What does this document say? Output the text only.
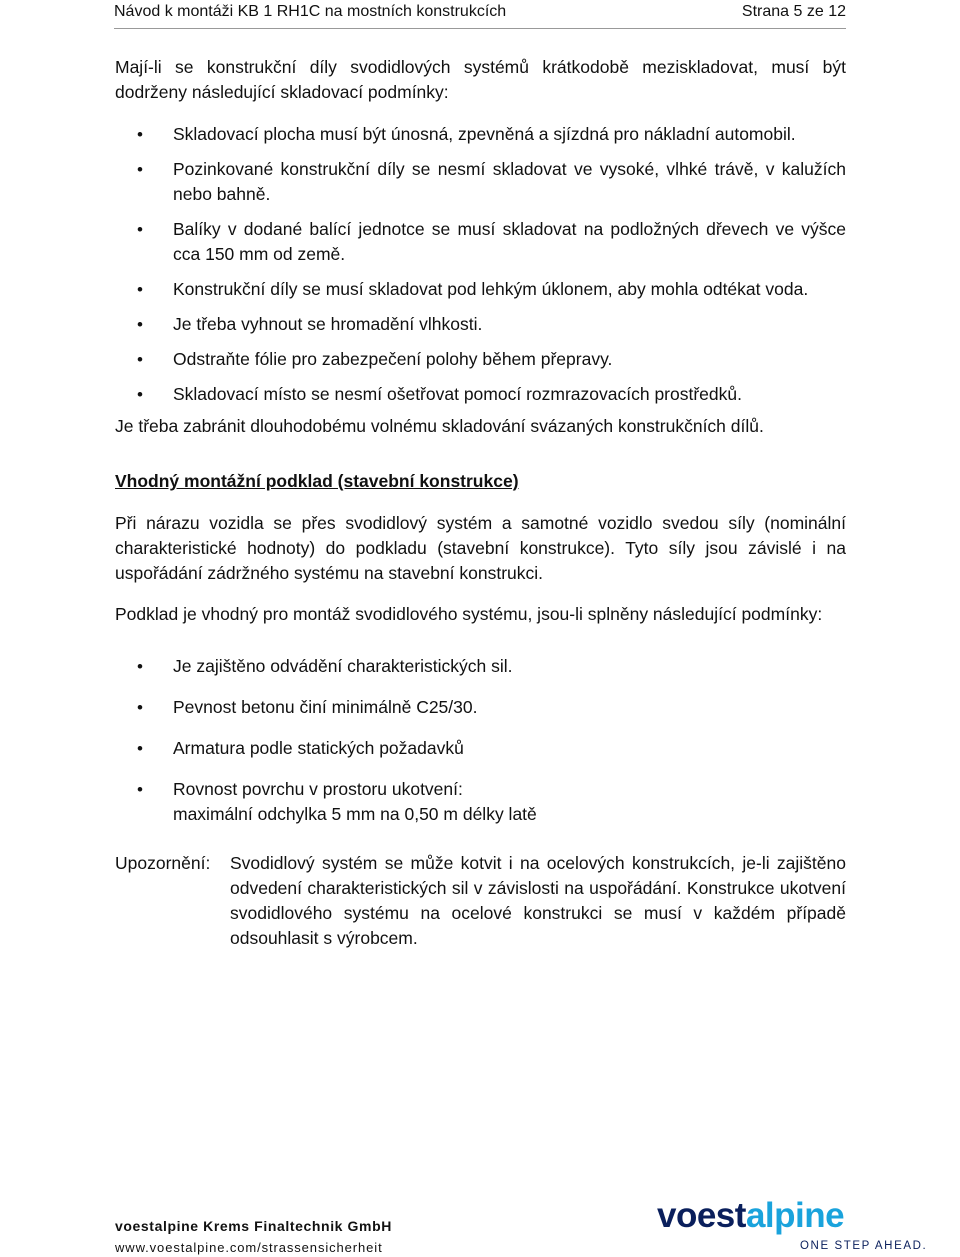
Návod k montáži KB 1 RH1C na mostních konstrukcích	Strana 5 ze 12

Mají-li se konstrukční díly svodidlových systémů krátkodobě meziskladovat, musí být dodrženy následující skladovací podmínky:

• Skladovací plocha musí být únosná, zpevněná a sjízdná pro nákladní automobil.
• Pozinkované konstrukční díly se nesmí skladovat ve vysoké, vlhké trávě, v kalužích nebo bahně.
• Balíky v dodané balící jednotce se musí skladovat na podložných dřevech ve výšce cca 150 mm od země.
• Konstrukční díly se musí skladovat pod lehkým úklonem, aby mohla odtékat voda.
• Je třeba vyhnout se hromadění vlhkosti.
• Odstraňte fólie pro zabezpečení polohy během přepravy.
• Skladovací místo se nesmí ošetřovat pomocí rozmrazovacích prostředků.

Je třeba zabránit dlouhodobému volnému skladování svázaných konstrukčních dílů.

Vhodný montážní podklad (stavební konstrukce)

Při nárazu vozidla se přes svodidlový systém a samotné vozidlo svedou síly (nominální charakteristické hodnoty) do podkladu (stavební konstrukce). Tyto síly jsou závislé i na uspořádání zádržného systému na stavební konstrukci.

Podklad je vhodný pro montáž svodidlového systému, jsou-li splněny následující podmínky:

• Je zajištěno odvádění charakteristických sil.
• Pevnost betonu činí minimálně C25/30.
• Armatura podle statických požadavků
• Rovnost povrchu v prostoru ukotvení:
maximální odchylka 5 mm na 0,50 m délky latě
Upozornění:	Svodidlový systém se může kotvit i na ocelových konstrukcích, je-li zajištěno odvedení charakteristických sil v závislosti na uspořádání. Konstrukce ukotvení svodidlového systému na ocelové konstrukci se musí v každém případě odsouhlasit s výrobcem.
voestalpine Krems Finaltechnik GmbH
www.voestalpine.com/strassensicherheit
voestalpine
ONE STEP AHEAD.
